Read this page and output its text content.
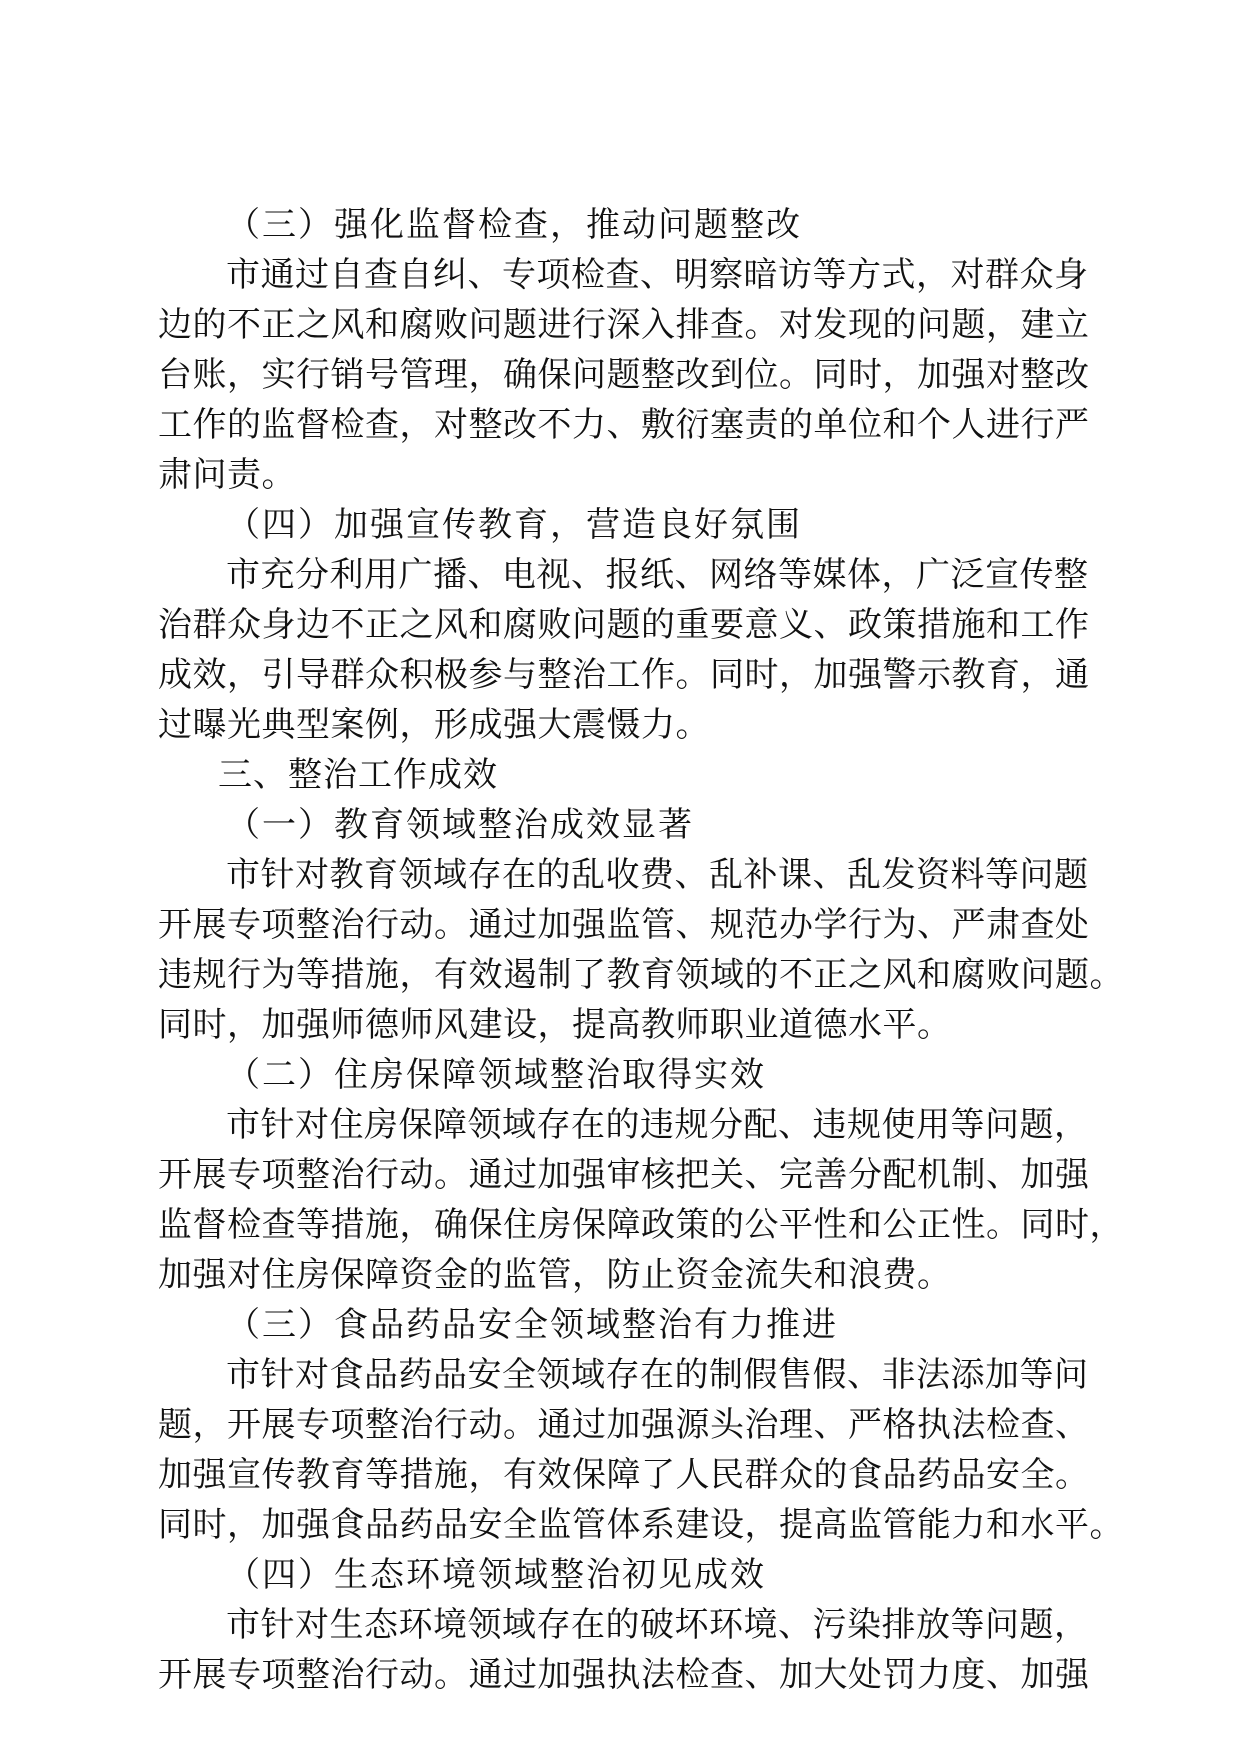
（三）强化监督检查，推动问题整改
市通过自查自纠、专项检查、明察暗访等方式，对群众身
边的不正之风和腐败问题进行深入排查。对发现的问题，建立
台账，实行销号管理，确保问题整改到位。同时，加强对整改
工作的监督检查，对整改不力、敷衍塞责的单位和个人进行严
肃问责。
（四）加强宣传教育，营造良好氛围
市充分利用广播、电视、报纸、网络等媒体，广泛宣传整
治群众身边不正之风和腐败问题的重要意义、政策措施和工作
成效，引导群众积极参与整治工作。同时，加强警示教育，通
过曝光典型案例，形成强大震慑力。
三、整治工作成效
（一）教育领域整治成效显著
市针对教育领域存在的乱收费、乱补课、乱发资料等问题
开展专项整治行动。通过加强监管、规范办学行为、严肃查处
违规行为等措施，有效遏制了教育领域的不正之风和腐败问题。
同时，加强师德师风建设，提高教师职业道德水平。
（二）住房保障领域整治取得实效
市针对住房保障领域存在的违规分配、违规使用等问题，
开展专项整治行动。通过加强审核把关、完善分配机制、加强
监督检查等措施，确保住房保障政策的公平性和公正性。同时，
加强对住房保障资金的监管，防止资金流失和浪费。
（三）食品药品安全领域整治有力推进
市针对食品药品安全领域存在的制假售假、非法添加等问
题，开展专项整治行动。通过加强源头治理、严格执法检查、
加强宣传教育等措施，有效保障了人民群众的食品药品安全。
同时，加强食品药品安全监管体系建设，提高监管能力和水平。
（四）生态环境领域整治初见成效
市针对生态环境领域存在的破坏环境、污染排放等问题，
开展专项整治行动。通过加强执法检查、加大处罚力度、加强
